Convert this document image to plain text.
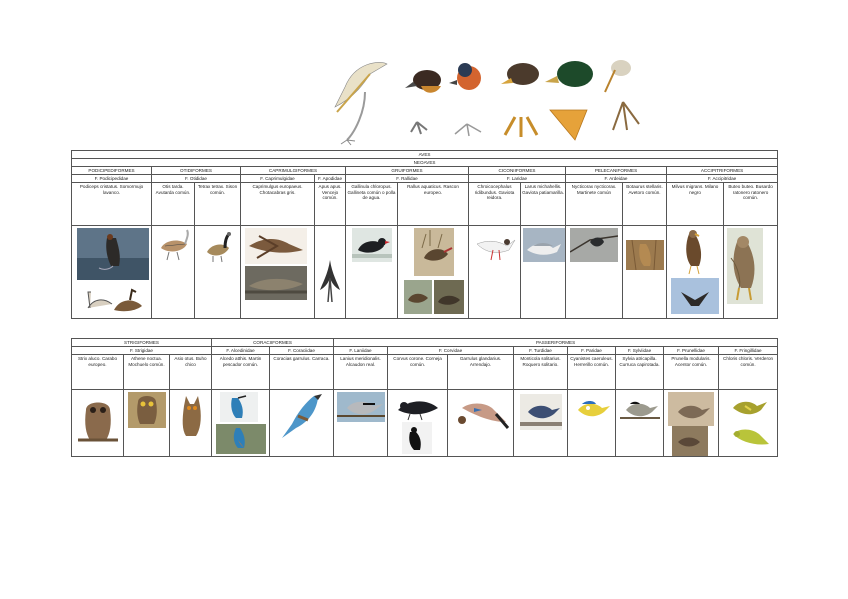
AVES												
NEOAVES												
PODICIPEDIFORMES	OTIDIFORMES		CAPRIMULGIFORMES		GRUIFORMES		CICONIIFORMES		PELECANIFORMES		ACCIPITRIFORMES	
F. Podicipedidae	F. Otididae		F. Caprimulgidae	F. Apodidae	F. Rallidae		F. Laridae		F. Ardeidae		F. Accipitridae	
Podiceps cristatus. Somormujo lavanco.	Otis tarda. Avutarda común.	Tetrax tetrax. Sison común.	Caprimulgus europaeus. Chotacabras gris.	Apus apus. Vencejo común.	Gallinula chloropus. Gallineta común o polla de agua.	Rallus aquaticus. Rascon europeo.	Chroicocephalus ridibundus. Gaviota reidora.	Larus michahellis. Gaviota patiamarilla.	Nycticorax nycticorax. Martinete común	Botaurus stellaris. Avetoro común.	Milvus migrans. Milano negro	Buteo buteo. Busardo ratonero ratonero común.

STRIGIFORMES			CORACIIFORMES		PASSERIFORMES							
F. Strigidae			F. Alcedinidae	F. Coraciidae	F. Laniidae	F. Corvidae		F. Turdidae	F. Paridae	F. Sylviidae	F. Prunellidae	F. Fringillidae
Strix aluco. Carabo europeo.	Athene noctua. Mochuelo común.	Asio otus. Buho chico	Alcedo atthis. Martin pescador común.	Coracias garrulus. Carraca.	Lanius meridionalis. Alcaudon real.	Corvus corone. Corneja común.	Garrulus glandarius. Arrendajo.	Monticola solitarius. Roquero solitario.	Cyanistes caeruleus. Herrerillo común.	Sylvia atricapilla. Curruca capirotada.	Prunella modularis. Acentor común.	Chloris chloris. Verderon común.
